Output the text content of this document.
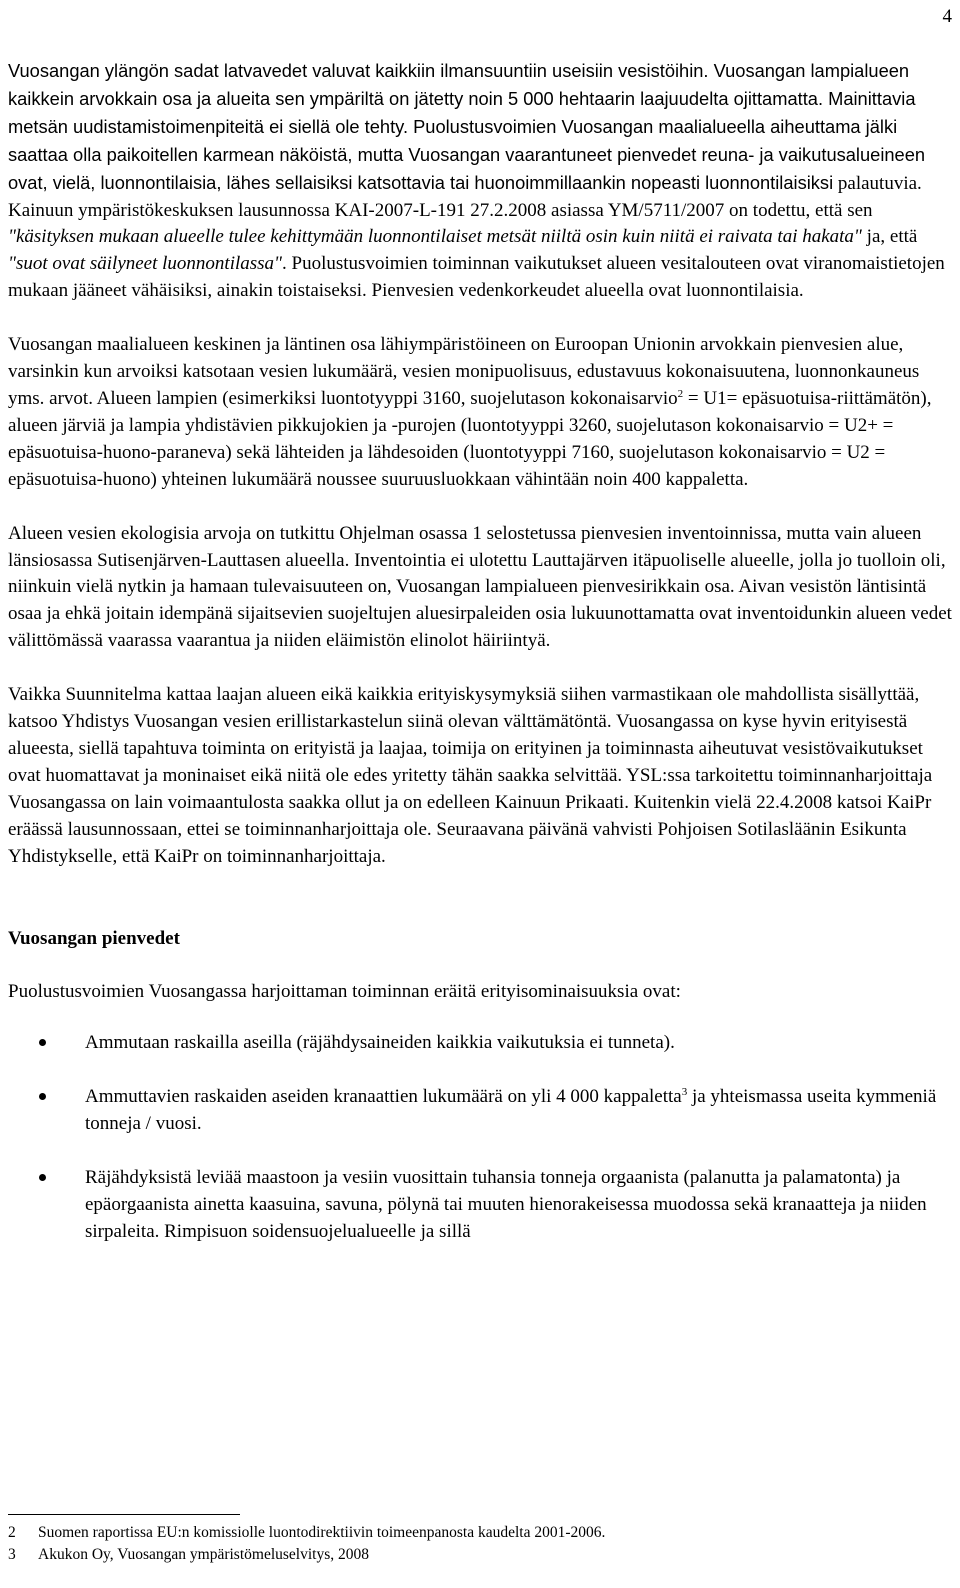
4

Vuosangan ylängön sadat latvavedet valuvat kaikkiin ilmansuuntiin useisiin vesistöihin. Vuosangan lampialueen kaikkein arvokkain osa ja alueita sen ympäriltä on jätetty noin 5 000 hehtaarin laajuudelta ojittamatta. Mainittavia metsän uudistamistoimenpiteitä ei siellä ole tehty. Puolustusvoimien Vuosangan maalialueella aiheuttama jälki saattaa olla paikoitellen karmean näköistä, mutta Vuosangan vaarantuneet pienvedet reuna- ja vaikutusalueineen ovat, vielä, luonnontilaisia, lähes sellaisiksi katsottavia tai huonoimmillaankin nopeasti luonnontilaisiksi palautuvia. Kainuun ympäristökeskuksen lausunnossa KAI-2007-L-191 27.2.2008 asiassa YM/5711/2007 on todettu, että sen "käsityksen mukaan alueelle tulee kehittymään luonnontilaiset metsät niiltä osin kuin niitä ei raivata tai hakata" ja, että "suot ovat säilyneet luonnontilassa". Puolustusvoimien toiminnan vaikutukset alueen vesitalouteen ovat viranomaistietojen mukaan jääneet vähäisiksi, ainakin toistaiseksi. Pienvesien vedenkorkeudet alueella ovat luonnontilaisia.

Vuosangan maalialueen keskinen ja läntinen osa lähiympäristöineen on Euroopan Unionin arvokkain pienvesien alue, varsinkin kun arvoiksi katsotaan vesien lukumäärä, vesien monipuolisuus, edustavuus kokonaisuutena, luonnonkauneus yms. arvot. Alueen lampien (esimerkiksi luontotyyppi 3160, suojelutason kokonaisarvio$^2$ = U1= epäsuotuisa-riittämätön), alueen järviä ja lampia yhdistävien pikkujokien ja -purojen (luontotyyppi 3260, suojelutason kokonaisarvio = U2+ = epäsuotuisa-huono-paraneva) sekä lähteiden ja lähdesoiden (luontotyyppi 7160, suojelutason kokonaisarvio = U2 = epäsuotuisa-huono) yhteinen lukumäärä noussee suuruusluokkaan vähintään noin 400 kappaletta.

Alueen vesien ekologisia arvoja on tutkittu Ohjelman osassa 1 selostetussa pienvesien inventoinnissa, mutta vain alueen länsiosassa Sutisenjärven-Lauttasen alueella. Inventointia ei ulotettu Lauttajärven itäpuoliselle alueelle, jolla jo tuolloin oli, niinkuin vielä nytkin ja hamaan tulevaisuuteen on, Vuosangan lampialueen pienvesirikkain osa. Aivan vesistön läntisintä osaa ja ehkä joitain idempänä sijaitsevien suojeltujen aluesirpaleiden osia lukuunottamatta ovat inventoidunkin alueen vedet välittömässä vaarassa vaarantua ja niiden eläimistön elinolot häiriintyä.

Vaikka Suunnitelma kattaa laajan alueen eikä kaikkia erityiskysymyksiä siihen varmastikaan ole mahdollista sisällyttää, katsoo Yhdistys Vuosangan vesien erillistarkastelun siinä olevan välttämätöntä. Vuosangassa on kyse hyvin erityisestä alueesta, siellä tapahtuva toiminta on erityistä ja laajaa, toimija on erityinen ja toiminnasta aiheutuvat vesistövaikutukset ovat huomattavat ja moninaiset eikä niitä ole edes yritetty tähän saakka selvittää. YSL:ssa tarkoitettu toiminnanharjoittaja Vuosangassa on lain voimaantulosta saakka ollut ja on edelleen Kainuun Prikaati. Kuitenkin vielä 22.4.2008 katsoi KaiPr eräässä lausunnossaan, ettei se toiminnanharjoittaja ole. Seuraavana päivänä vahvisti Pohjoisen Sotilasläänin Esikunta Yhdistykselle, että KaiPr on toiminnanharjoittaja.

Vuosangan pienvedet

Puolustusvoimien Vuosangassa harjoittaman toiminnan eräitä erityisominaisuuksia ovat:

Ammutaan raskailla aseilla (räjähdysaineiden kaikkia vaikutuksia ei tunneta).
Ammuttavien raskaiden aseiden kranaattien lukumäärä on yli 4 000 kappaletta$^3$ ja yhteismassa useita kymmeniä tonneja / vuosi.
Räjähdyksistä leviää maastoon ja vesiin vuosittain tuhansia tonneja orgaanista (palanutta ja palamatonta) ja epäorgaanista ainetta kaasuina, savuna, pölynä tai muuten hienorakeisessa muodossa sekä kranaatteja ja niiden sirpaleita. Rimpisuon soidensuojelualueelle ja sillä
2	Suomen raportissa EU:n komissiolle luontodirektiivin toimeenpanosta kaudelta 2001-2006.
3	Akukon Oy, Vuosangan ympäristömeluselvitys, 2008
